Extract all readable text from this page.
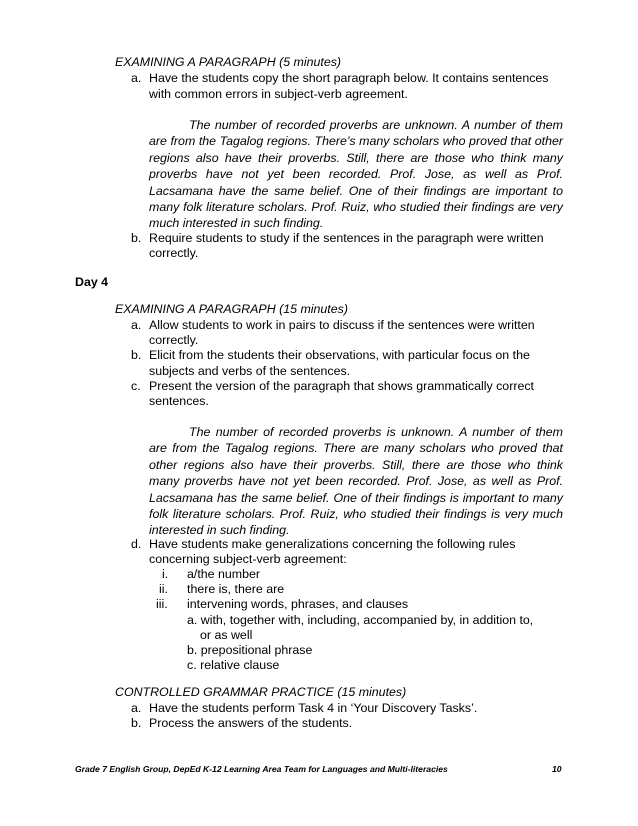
EXAMINING A PARAGRAPH (5 minutes)
a. Have the students copy the short paragraph below. It contains sentences
with common errors in subject-verb agreement.
The number of recorded proverbs are unknown. A number of them are from the Tagalog regions. There’s many scholars who proved that other regions also have their proverbs. Still, there are those who think many proverbs have not yet been recorded. Prof. Jose, as well as Prof. Lacsamana have the same belief. One of their findings are important to many folk literature scholars. Prof. Ruiz, who studied their findings are very much interested in such finding.
b. Require students to study if the sentences in the paragraph were written
correctly.
Day 4
EXAMINING A PARAGRAPH (15 minutes)
a. Allow students to work in pairs to discuss if the sentences were written
correctly.
b. Elicit from the students their observations, with particular focus on the
subjects and verbs of the sentences.
c. Present the version of the paragraph that shows grammatically correct
sentences.
The number of recorded proverbs is unknown. A number of them are from the Tagalog regions. There are many scholars who proved that other regions also have their proverbs. Still, there are those who think many proverbs have not yet been recorded. Prof. Jose, as well as Prof. Lacsamana has the same belief. One of their findings is important to many folk literature scholars. Prof. Ruiz, who studied their findings is very much interested in such finding.
d. Have students make generalizations concerning the following rules
concerning subject-verb agreement:
i. a/the number
ii. there is, there are
iii. intervening words, phrases, and clauses
a. with, together with, including, accompanied by, in addition to,
or as well
b. prepositional phrase
c. relative clause
CONTROLLED GRAMMAR PRACTICE (15 minutes)
a. Have the students perform Task 4 in ‘Your Discovery Tasks’.
b. Process the answers of the students.
Grade 7 English Group, DepEd K-12 Learning Area Team for Languages and Multi-literacies	10
